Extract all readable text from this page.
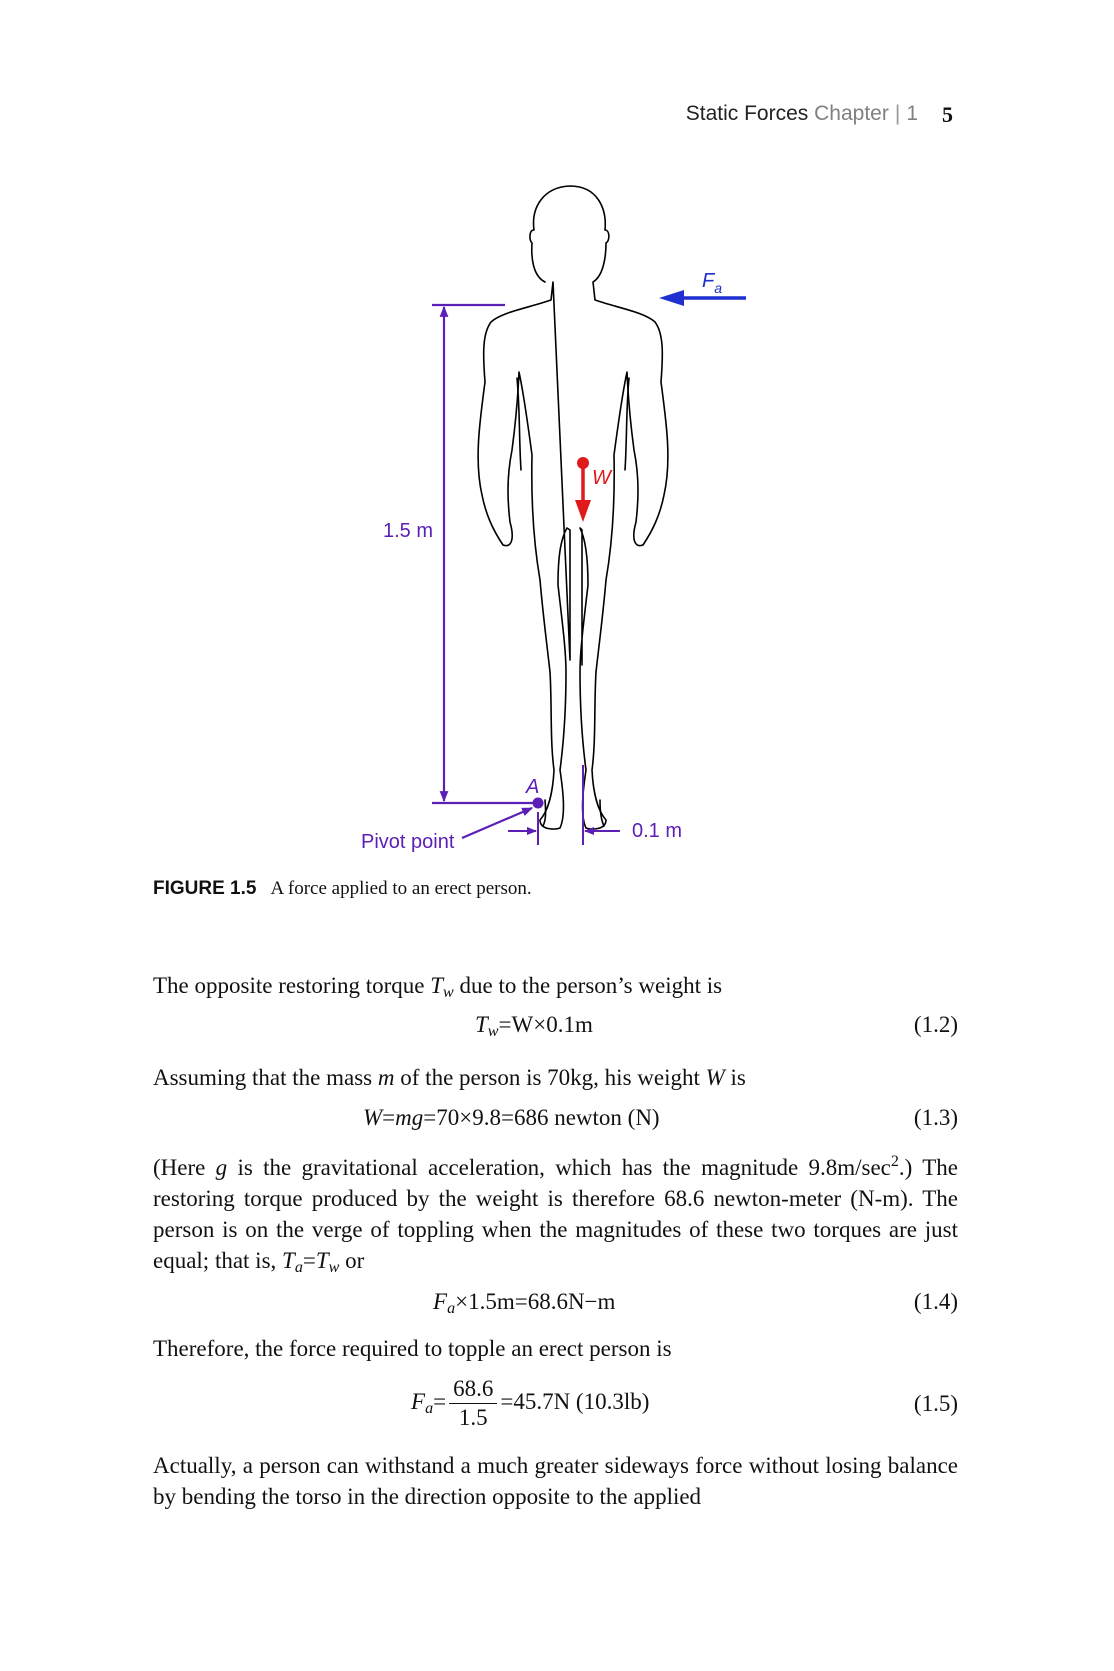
Static Forces Chapter | 1 5
$F_a$
W
1.5 m
A
Pivot point	0.1 m
FIGURE 1.5 A force applied to an erect person.
The opposite restoring torque $T_w$ due to the person’s weight is
$T_w=W\times 0.1m$	(1.2)
Assuming that the mass m of the person is 70kg, his weight W is
W=mg=70×9.8=686 newton (N)	(1.3)
(Here g is the gravitational acceleration, which has the magnitude $9.8m/\sec^2$.) The restoring torque produced by the weight is therefore 68.6 newton-meter (N-m). The person is on the verge of toppling when the magnitudes of these two torques are just equal; that is, $T_a=T_w$ or
$F_a\times 1.5m=68.6N-m$	(1.4)
Therefore, the force required to topple an erect person is
$F_a= \frac{68.6}{1.5} =45.7N$ (10.3lb)	(1.5)
Actually, a person can withstand a much greater sideways force without losing balance by bending the torso in the direction opposite to the applied
